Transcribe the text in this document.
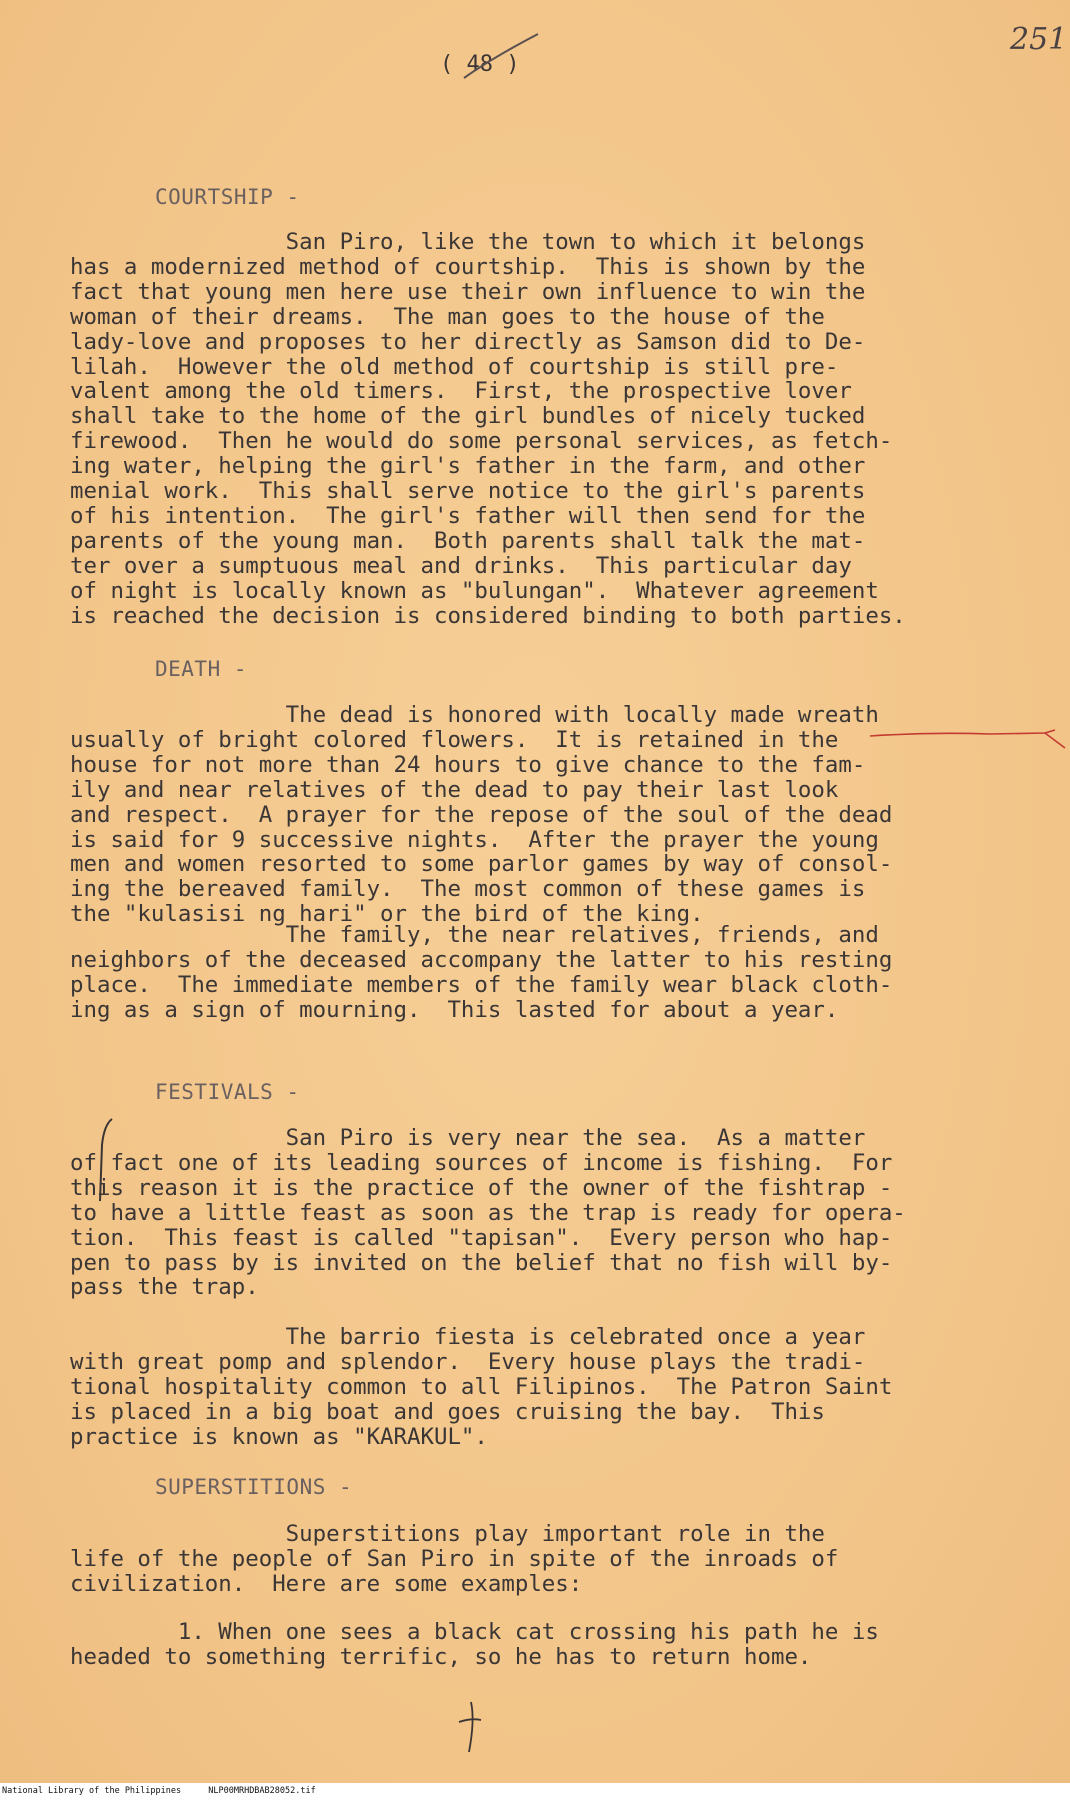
( 48 )
251
COURTSHIP -
San Piro, like the town to which it belongs
has a modernized method of courtship.  This is shown by the
fact that young men here use their own influence to win the
woman of their dreams.  The man goes to the house of the
lady-love and proposes to her directly as Samson did to De-
lilah.  However the old method of courtship is still pre-
valent among the old timers.  First, the prospective lover
shall take to the home of the girl bundles of nicely tucked
firewood.  Then he would do some personal services, as fetch-
ing water, helping the girl's father in the farm, and other
menial work.  This shall serve notice to the girl's parents
of his intention.  The girl's father will then send for the
parents of the young man.  Both parents shall talk the mat-
ter over a sumptuous meal and drinks.  This particular day
of night is locally known as "bulungan".  Whatever agreement
is reached the decision is considered binding to both parties.
DEATH -
The dead is honored with locally made wreath
usually of bright colored flowers.  It is retained in the
house for not more than 24 hours to give chance to the fam-
ily and near relatives of the dead to pay their last look
and respect.  A prayer for the repose of the soul of the dead
is said for 9 successive nights.  After the prayer the young
men and women resorted to some parlor games by way of consol-
ing the bereaved family.  The most common of these games is
the "kulasisi ng hari" or the bird of the king.
The family, the near relatives, friends, and
neighbors of the deceased accompany the latter to his resting
place.  The immediate members of the family wear black cloth-
ing as a sign of mourning.  This lasted for about a year.
FESTIVALS -
San Piro is very near the sea.  As a matter
of fact one of its leading sources of income is fishing.  For
this reason it is the practice of the owner of the fishtrap -
to have a little feast as soon as the trap is ready for opera-
tion.  This feast is called "tapisan".  Every person who hap-
pen to pass by is invited on the belief that no fish will by-
pass the trap.
The barrio fiesta is celebrated once a year
with great pomp and splendor.  Every house plays the tradi-
tional hospitality common to all Filipinos.  The Patron Saint
is placed in a big boat and goes cruising the bay.  This
practice is known as "KARAKUL".
SUPERSTITIONS -
Superstitions play important role in the
life of the people of San Piro in spite of the inroads of
civilization.  Here are some examples:
1. When one sees a black cat crossing his path he is
headed to something terrific, so he has to return home.
National Library of the Philippines	NLP00MRHDBAB28052.tif
